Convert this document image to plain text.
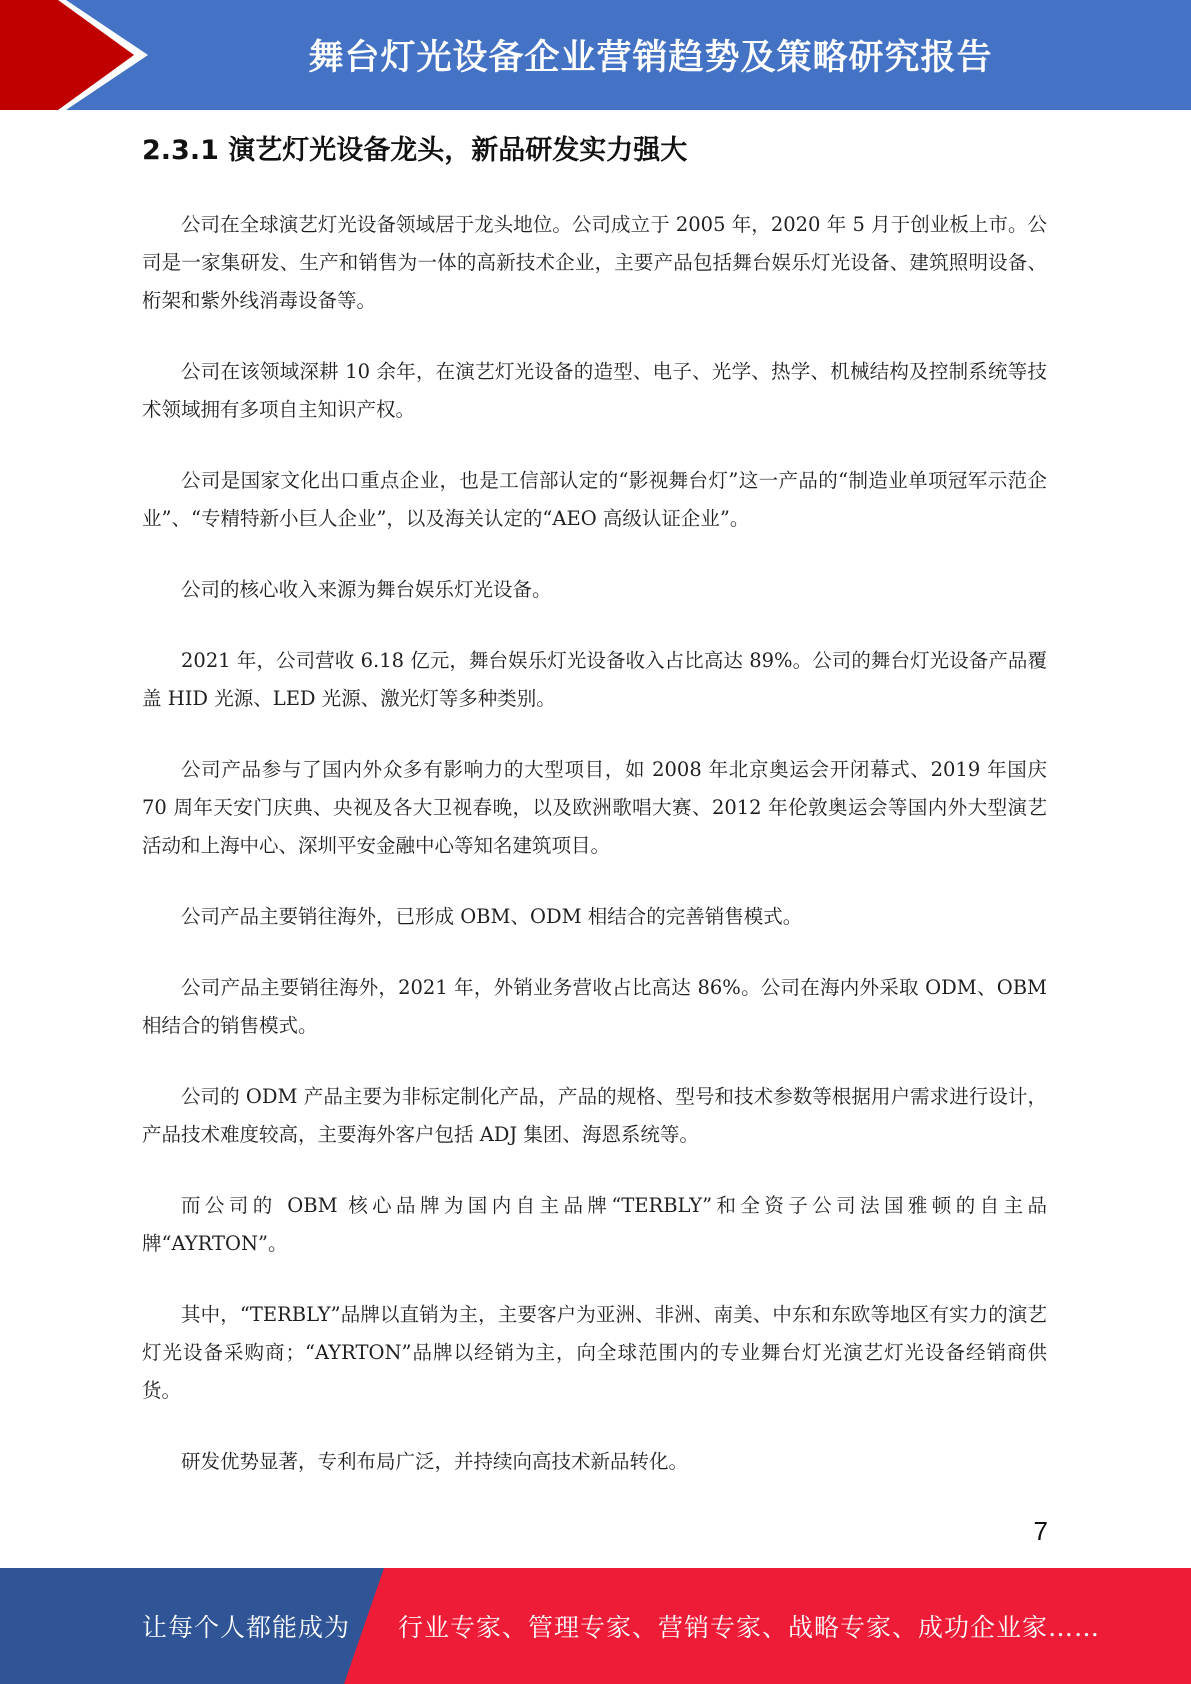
舞台灯光设备企业营销趋势及策略研究报告
2.3.1 演艺灯光设备龙头，新品研发实力强大

公司在全球演艺灯光设备领域居于龙头地位。公司成立于 2005 年，2020 年 5 月于创业板上市。公司是一家集研发、生产和销售为一体的高新技术企业，主要产品包括舞台娱乐灯光设备、建筑照明设备、桁架和紫外线消毒设备等。

公司在该领域深耕 10 余年，在演艺灯光设备的造型、电子、光学、热学、机械结构及控制系统等技术领域拥有多项自主知识产权。

公司是国家文化出口重点企业，也是工信部认定的“影视舞台灯”这一产品的“制造业单项冠军示范企业”、“专精特新小巨人企业”，以及海关认定的“AEO 高级认证企业”。

公司的核心收入来源为舞台娱乐灯光设备。

2021 年，公司营收 6.18 亿元，舞台娱乐灯光设备收入占比高达 89%。公司的舞台灯光设备产品覆盖 HID 光源、LED 光源、激光灯等多种类别。

公司产品参与了国内外众多有影响力的大型项目，如 2008 年北京奥运会开闭幕式、2019 年国庆 70 周年天安门庆典、央视及各大卫视春晚，以及欧洲歌唱大赛、2012 年伦敦奥运会等国内外大型演艺活动和上海中心、深圳平安金融中心等知名建筑项目。

公司产品主要销往海外，已形成 OBM、ODM 相结合的完善销售模式。

公司产品主要销往海外，2021 年，外销业务营收占比高达 86%。公司在海内外采取 ODM、OBM 相结合的销售模式。

公司的 ODM 产品主要为非标定制化产品，产品的规格、型号和技术参数等根据用户需求进行设计，产品技术难度较高，主要海外客户包括 ADJ 集团、海恩系统等。

而公司的 OBM 核心品牌为国内自主品牌“TERBLY”和全资子公司法国雅顿的自主品牌“AYRTON”。

其中，“TERBLY”品牌以直销为主，主要客户为亚洲、非洲、南美、中东和东欧等地区有实力的演艺灯光设备采购商；“AYRTON”品牌以经销为主，向全球范围内的专业舞台灯光演艺灯光设备经销商供货。

研发优势显著，专利布局广泛，并持续向高技术新品转化。

7
让每个人都能成为 行业专家、管理专家、营销专家、战略专家、成功企业家……
